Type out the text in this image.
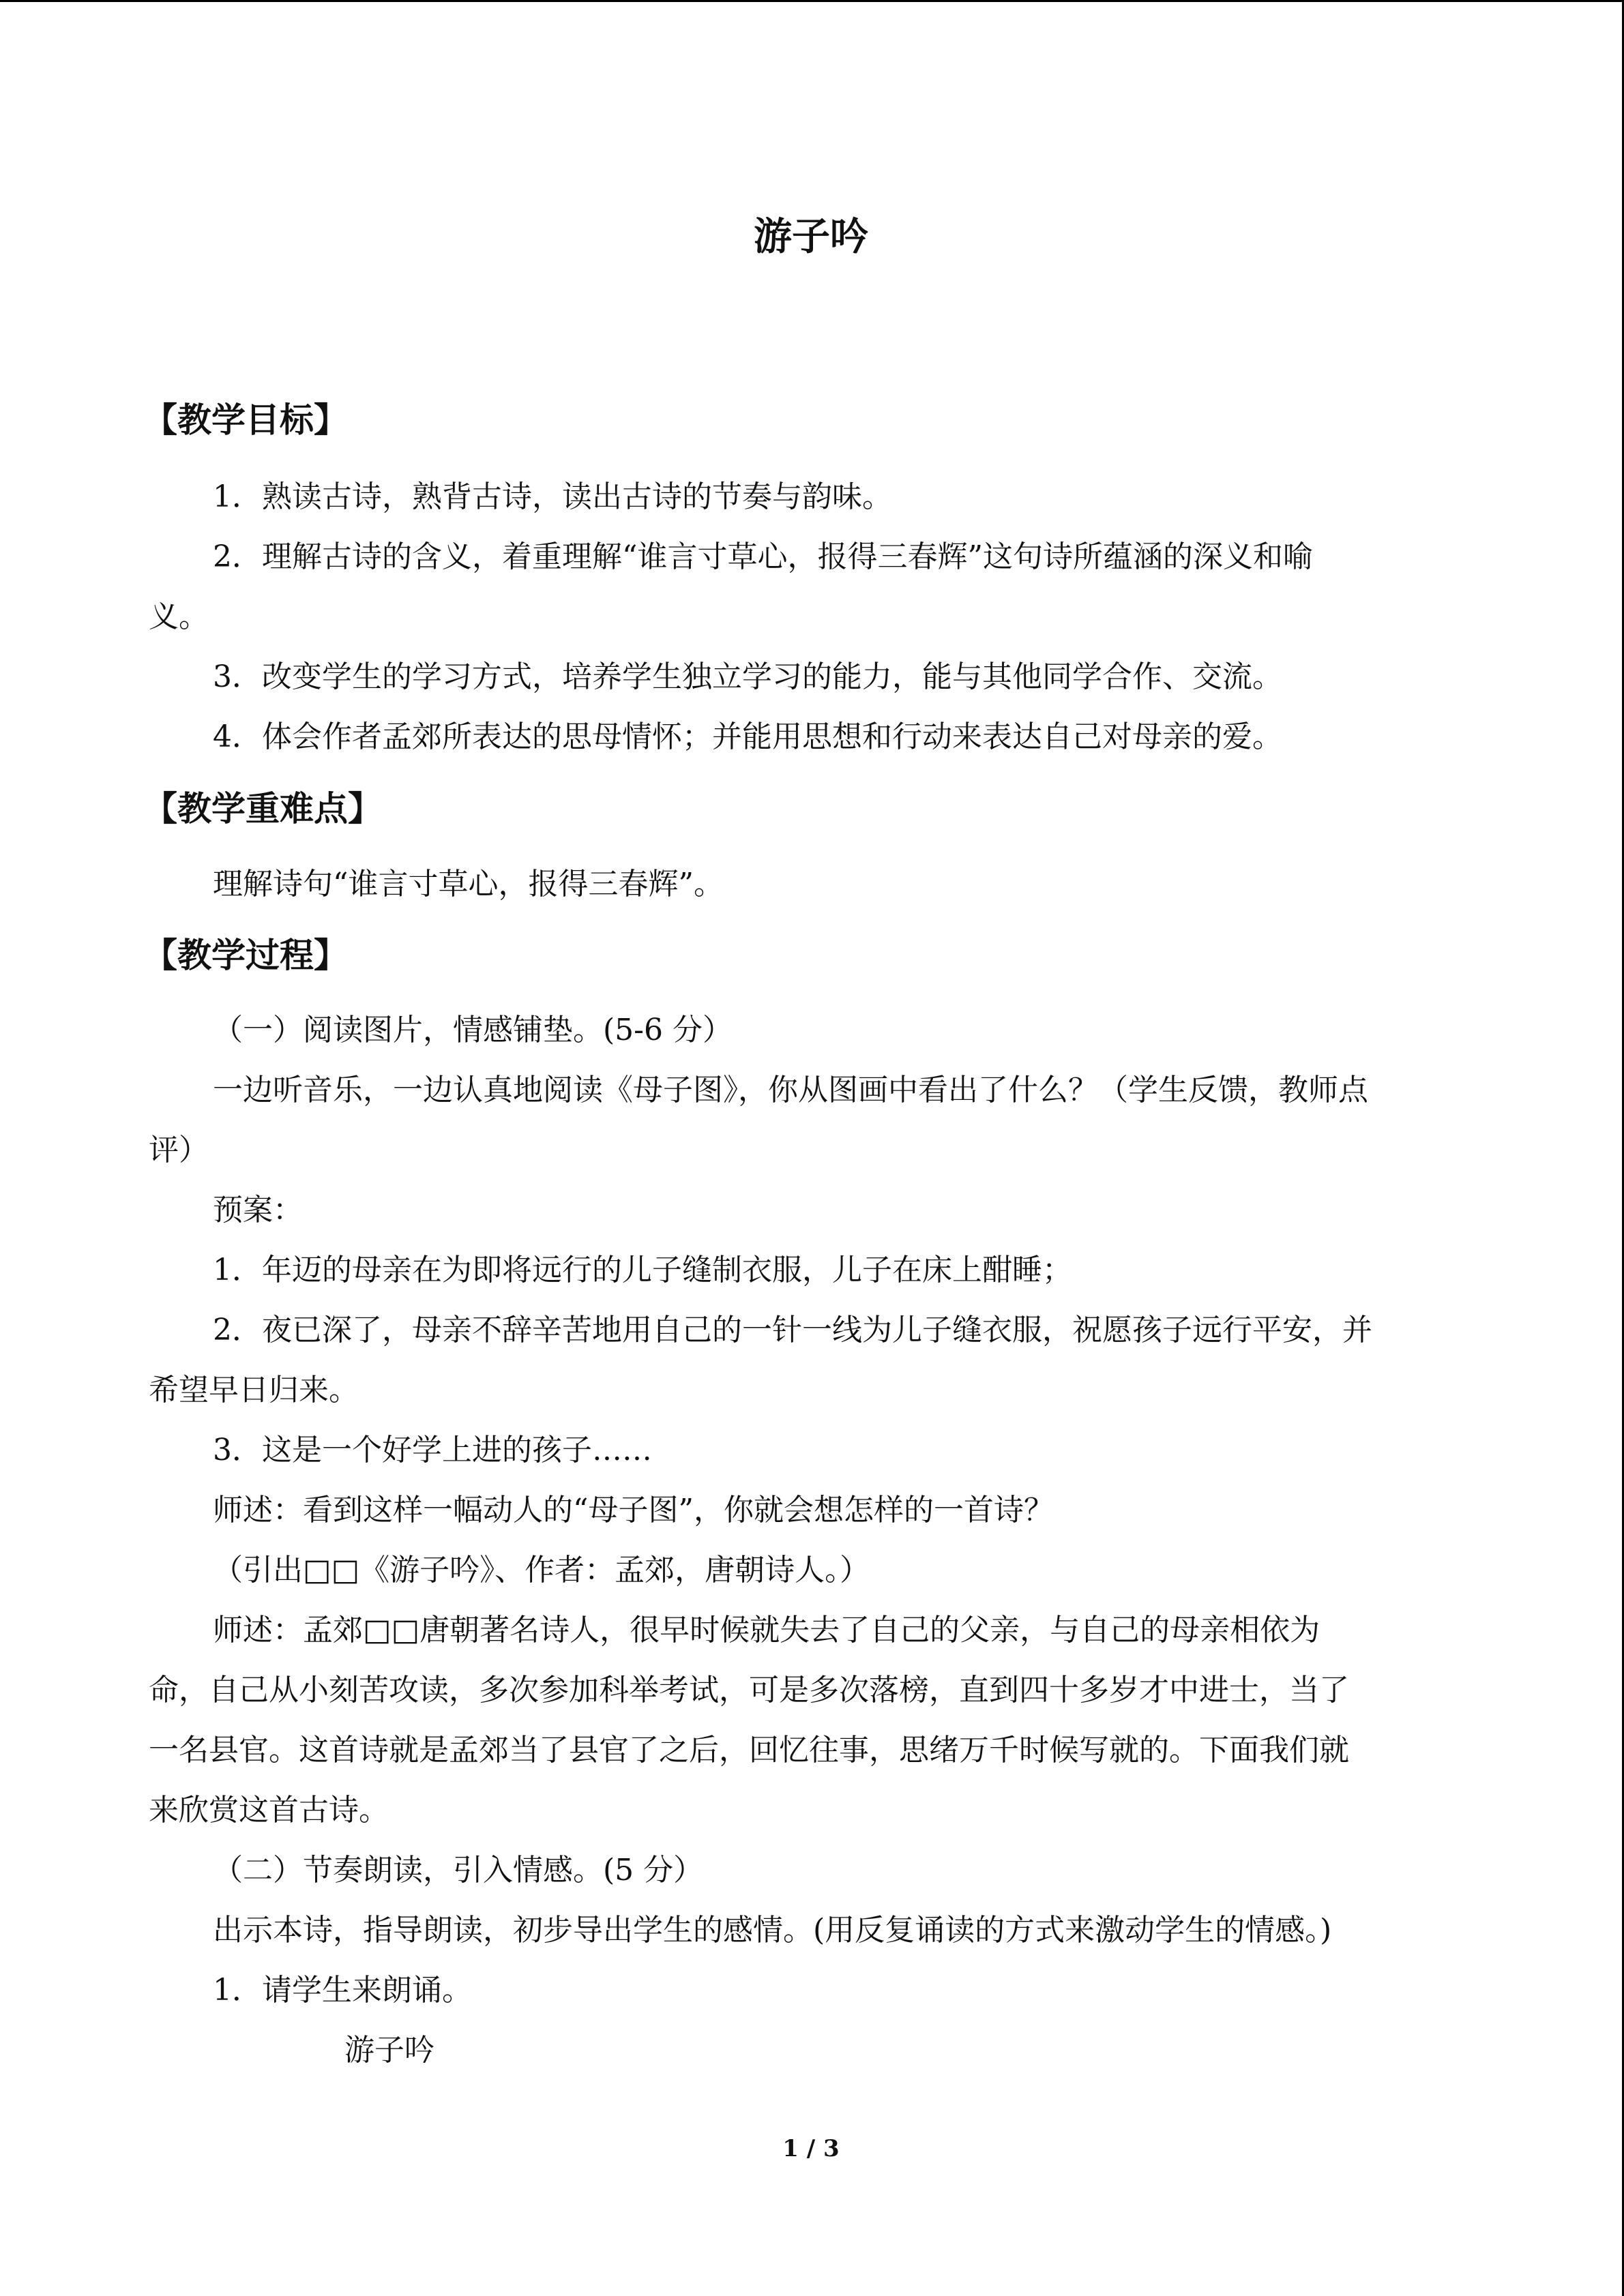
游子吟
【教学目标】
1．熟读古诗，熟背古诗，读出古诗的节奏与韵味。
2．理解古诗的含义，着重理解“谁言寸草心，报得三春辉”这句诗所蕴涵的深义和喻
义。
3．改变学生的学习方式，培养学生独立学习的能力，能与其他同学合作、交流。
4．体会作者孟郊所表达的思母情怀；并能用思想和行动来表达自己对母亲的爱。
【教学重难点】
理解诗句“谁言寸草心，报得三春辉”。
【教学过程】
（一）阅读图片，情感铺垫。(5-6 分）
一边听音乐，一边认真地阅读《母子图》，你从图画中看出了什么？（学生反馈，教师点
评）
预案：
1．年迈的母亲在为即将远行的儿子缝制衣服，儿子在床上酣睡；
2．夜已深了，母亲不辞辛苦地用自己的一针一线为儿子缝衣服，祝愿孩子远行平安，并
希望早日归来。
3．这是一个好学上进的孩子……
师述：看到这样一幅动人的“母子图”，你就会想怎样的一首诗？
（引出□□《游子吟》、作者：孟郊，唐朝诗人。）
师述：孟郊□□唐朝著名诗人，很早时候就失去了自己的父亲，与自己的母亲相依为
命，自己从小刻苦攻读，多次参加科举考试，可是多次落榜，直到四十多岁才中进士，当了
一名县官。这首诗就是孟郊当了县官了之后，回忆往事，思绪万千时候写就的。下面我们就
来欣赏这首古诗。
（二）节奏朗读，引入情感。(5 分）
出示本诗，指导朗读，初步导出学生的感情。(用反复诵读的方式来激动学生的情感。)
1．请学生来朗诵。
游子吟
1 / 3
